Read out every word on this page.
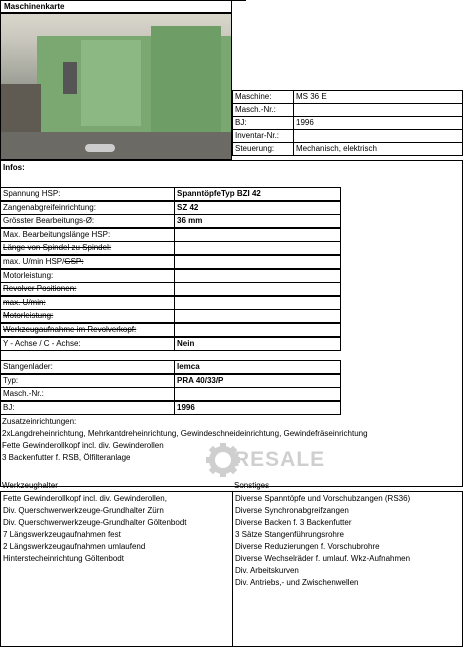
Maschinenkarte
Maschine:	MS 36 E
Masch.-Nr.:
BJ:	1996
Inventar-Nr.:
Steuerung:	Mechanisch, elektrisch
Infos:
Spannung HSP:	SpanntöpfeTyp BZI 42
Zangenabgreifeinrichtung:	SZ 42
Grösster Bearbeitungs-Ø:	36 mm
Max. Bearbeitungslänge HSP:
Länge von Spindel zu Spindel:
max. U/min HSP/GSP:
Motorleistung:
Revolver Positionen:
max. U/min:
Motorleistung:
Werkzeugaufnahme im Revolverkopf:
Y - Achse / C - Achse:	Nein
Stangenlader:	lemca
Typ:	PRA 40/33/P
Masch.-Nr.:
BJ:	1996
Zusatzeinrichtungen:
2xLangdreheinrichtung, Mehrkantdreheinrichtung, Gewindeschneideinrichtung, Gewindefräseinrichtung
Fette Gewinderollkopf incl. div. Gewinderollen
3 Backenfutter f. RSB, Ölfilteranlage	RESALE
Werkzeughalter	Sonstiges
Fette Gewinderollkopf incl. div. Gewinderollen,
Div. Querschwerwerkzeuge-Grundhalter Zürn
Div. Querschwerwerkzeuge-Grundhalter Göltenbodt
7 Längswerkzeugaufnahmen fest
2 Längswerkzeugaufnahmen umlaufend
Hinterstecheinrichtung Göltenbodt
Diverse Spanntöpfe und Vorschubzangen (RS36)
Diverse Synchronabgreifzangen
Diverse Backen f. 3 Backenfutter
3 Sätze Stangenführungsrohre
Diverse Reduzierungen f. Vorschubrohre
Diverse Wechselräder f. umlauf. Wkz-Aufnahmen
Div. Arbeitskurven
Div. Antriebs,- und Zwischenwellen
